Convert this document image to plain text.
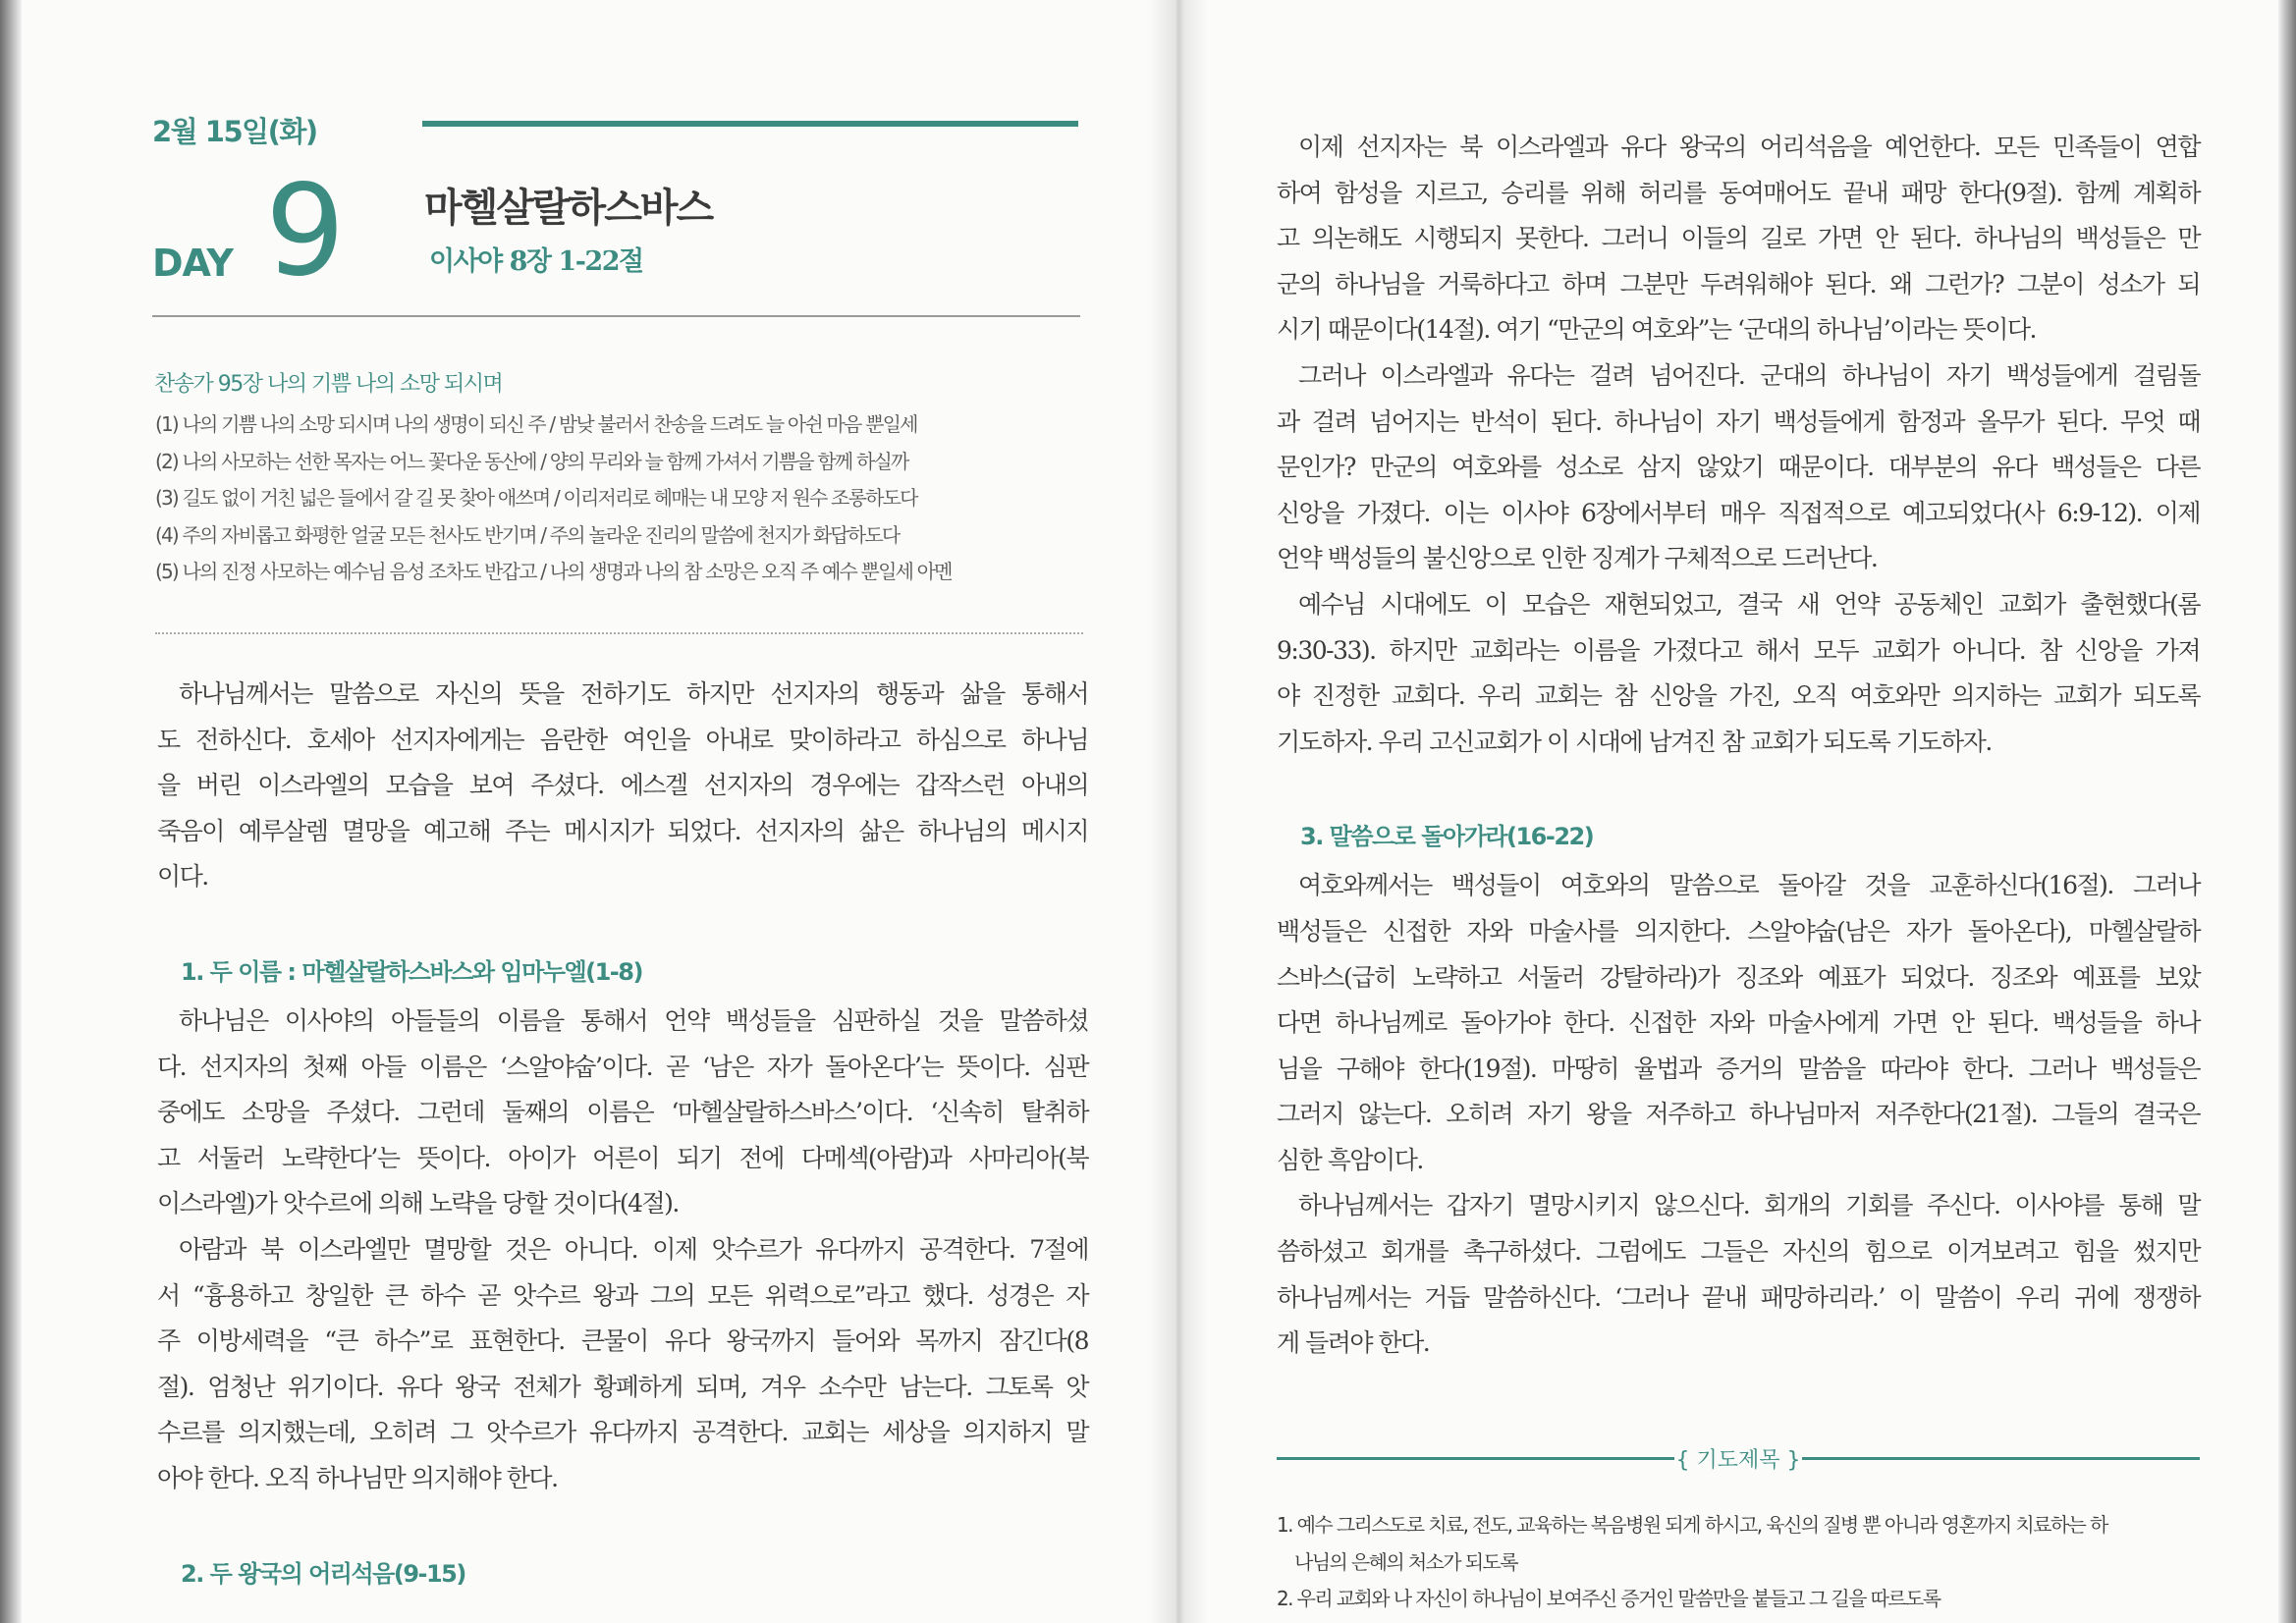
2월 15일(화)
DAY 9 마헬살랄하스바스
이사야 8장 1-22절
찬송가 95장 나의 기쁨 나의 소망 되시며
(1) 나의 기쁨 나의 소망 되시며 나의 생명이 되신 주 / 밤낮 불러서 찬송을 드려도 늘 아쉰 마음 뿐일세
(2) 나의 사모하는 선한 목자는 어느 꽃다운 동산에 / 양의 무리와 늘 함께 가셔서 기쁨을 함께 하실까
(3) 길도 없이 거친 넓은 들에서 갈 길 못 찾아 애쓰며 / 이리저리로 헤매는 내 모양 저 원수 조롱하도다
(4) 주의 자비롭고 화평한 얼굴 모든 천사도 반기며 / 주의 놀라운 진리의 말씀에 천지가 화답하도다
(5) 나의 진정 사모하는 예수님 음성 조차도 반갑고 / 나의 생명과 나의 참 소망은 오직 주 예수 뿐일세 아멘
하나님께서는 말씀으로 자신의 뜻을 전하기도 하지만 선지자의 행동과 삶을 통해서
도 전하신다. 호세아 선지자에게는 음란한 여인을 아내로 맞이하라고 하심으로 하나님
을 버린 이스라엘의 모습을 보여 주셨다. 에스겔 선지자의 경우에는 갑작스런 아내의
죽음이 예루살렘 멸망을 예고해 주는 메시지가 되었다. 선지자의 삶은 하나님의 메시지
이다.
1. 두 이름 : 마헬살랄하스바스와 임마누엘(1-8)
하나님은 이사야의 아들들의 이름을 통해서 언약 백성들을 심판하실 것을 말씀하셨
다. 선지자의 첫째 아들 이름은 ‘스알야숩’이다. 곧 ‘남은 자가 돌아온다’는 뜻이다. 심판
중에도 소망을 주셨다. 그런데 둘째의 이름은 ‘마헬살랄하스바스’이다. ‘신속히 탈취하
고 서둘러 노략한다’는 뜻이다. 아이가 어른이 되기 전에 다메섹(아람)과 사마리아(북
이스라엘)가 앗수르에 의해 노략을 당할 것이다(4절).
아람과 북 이스라엘만 멸망할 것은 아니다. 이제 앗수르가 유다까지 공격한다. 7절에
서 “흉용하고 창일한 큰 하수 곧 앗수르 왕과 그의 모든 위력으로”라고 했다. 성경은 자
주 이방세력을 “큰 하수”로 표현한다. 큰물이 유다 왕국까지 들어와 목까지 잠긴다(8
절). 엄청난 위기이다. 유다 왕국 전체가 황폐하게 되며, 겨우 소수만 남는다. 그토록 앗
수르를 의지했는데, 오히려 그 앗수르가 유다까지 공격한다. 교회는 세상을 의지하지 말
아야 한다. 오직 하나님만 의지해야 한다.
2. 두 왕국의 어리석음(9-15)
이제 선지자는 북 이스라엘과 유다 왕국의 어리석음을 예언한다. 모든 민족들이 연합
하여 함성을 지르고, 승리를 위해 허리를 동여매어도 끝내 패망 한다(9절). 함께 계획하
고 의논해도 시행되지 못한다. 그러니 이들의 길로 가면 안 된다. 하나님의 백성들은 만
군의 하나님을 거룩하다고 하며 그분만 두려워해야 된다. 왜 그런가? 그분이 성소가 되
시기 때문이다(14절). 여기 “만군의 여호와”는 ‘군대의 하나님’이라는 뜻이다.
그러나 이스라엘과 유다는 걸려 넘어진다. 군대의 하나님이 자기 백성들에게 걸림돌
과 걸려 넘어지는 반석이 된다. 하나님이 자기 백성들에게 함정과 올무가 된다. 무엇 때
문인가? 만군의 여호와를 성소로 삼지 않았기 때문이다. 대부분의 유다 백성들은 다른
신앙을 가졌다. 이는 이사야 6장에서부터 매우 직접적으로 예고되었다(사 6:9-12). 이제
언약 백성들의 불신앙으로 인한 징계가 구체적으로 드러난다.
예수님 시대에도 이 모습은 재현되었고, 결국 새 언약 공동체인 교회가 출현했다(롬
9:30-33). 하지만 교회라는 이름을 가졌다고 해서 모두 교회가 아니다. 참 신앙을 가져
야 진정한 교회다. 우리 교회는 참 신앙을 가진, 오직 여호와만 의지하는 교회가 되도록
기도하자. 우리 고신교회가 이 시대에 남겨진 참 교회가 되도록 기도하자.
3. 말씀으로 돌아가라(16-22)
여호와께서는 백성들이 여호와의 말씀으로 돌아갈 것을 교훈하신다(16절). 그러나
백성들은 신접한 자와 마술사를 의지한다. 스알야숩(남은 자가 돌아온다), 마헬살랄하
스바스(급히 노략하고 서둘러 강탈하라)가 징조와 예표가 되었다. 징조와 예표를 보았
다면 하나님께로 돌아가야 한다. 신접한 자와 마술사에게 가면 안 된다. 백성들을 하나
님을 구해야 한다(19절). 마땅히 율법과 증거의 말씀을 따라야 한다. 그러나 백성들은
그러지 않는다. 오히려 자기 왕을 저주하고 하나님마저 저주한다(21절). 그들의 결국은
심한 흑암이다.
하나님께서는 갑자기 멸망시키지 않으신다. 회개의 기회를 주신다. 이사야를 통해 말
씀하셨고 회개를 촉구하셨다. 그럼에도 그들은 자신의 힘으로 이겨보려고 힘을 썼지만
하나님께서는 거듭 말씀하신다. ‘그러나 끝내 패망하리라.’ 이 말씀이 우리 귀에 쟁쟁하
게 들려야 한다.
{ 기도제목 }
1. 예수 그리스도로 치료, 전도, 교육하는 복음병원 되게 하시고, 육신의 질병 뿐 아니라 영혼까지 치료하는 하
나님의 은혜의 처소가 되도록
2. 우리 교회와 나 자신이 하나님이 보여주신 증거인 말씀만을 붙들고 그 길을 따르도록
